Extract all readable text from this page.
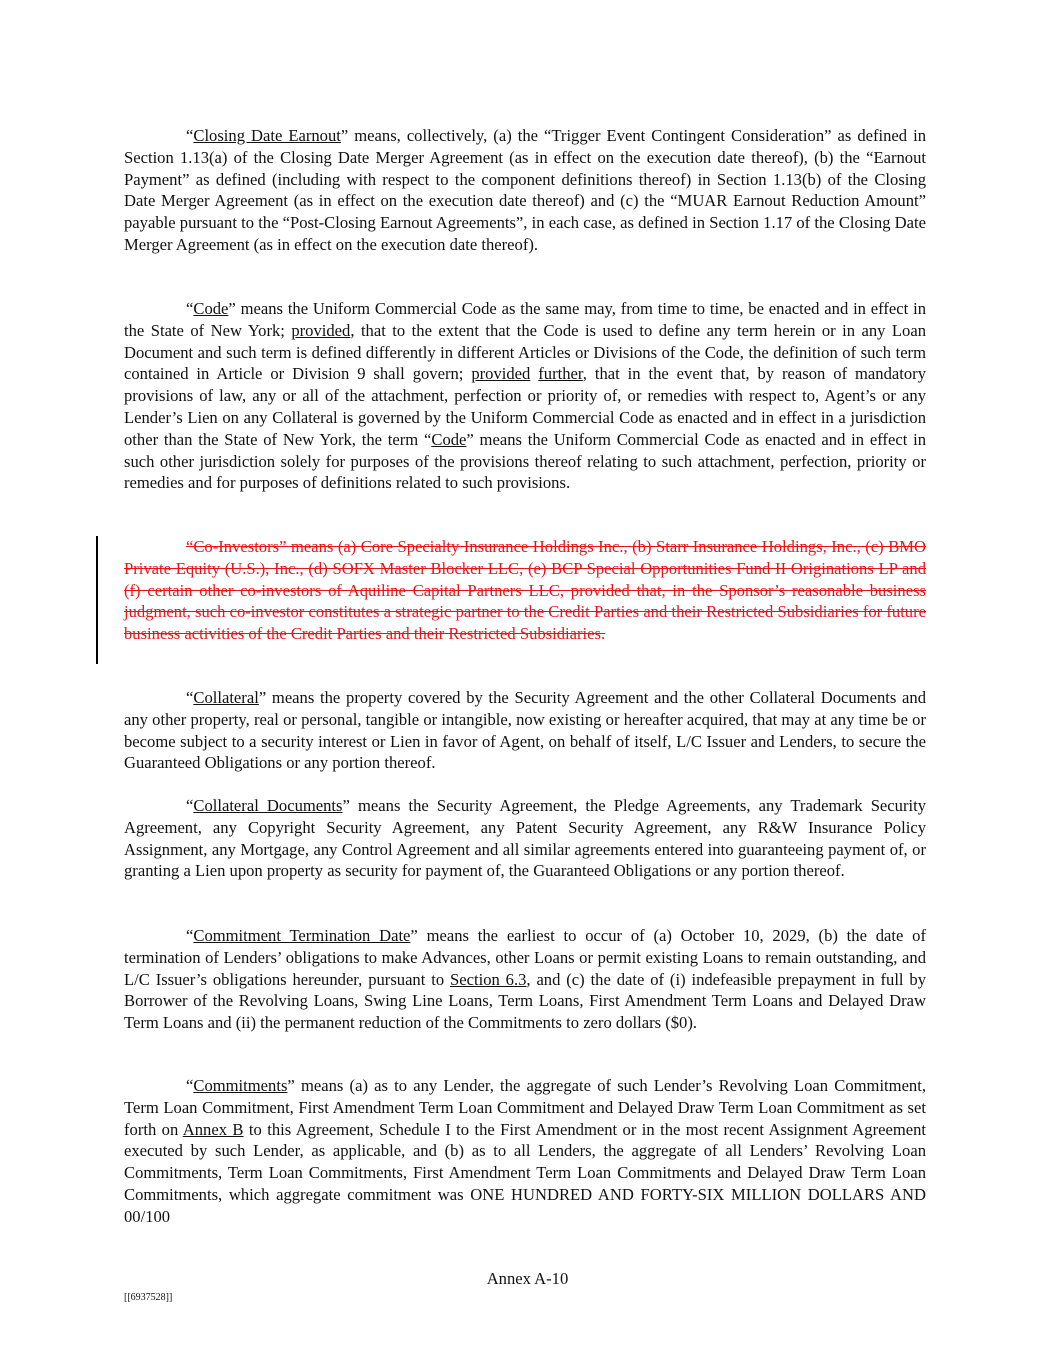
“Closing Date Earnout” means, collectively, (a) the “Trigger Event Contingent Consideration” as defined in Section 1.13(a) of the Closing Date Merger Agreement (as in effect on the execution date thereof), (b) the “Earnout Payment” as defined (including with respect to the component definitions thereof) in Section 1.13(b) of the Closing Date Merger Agreement (as in effect on the execution date thereof) and (c) the “MUAR Earnout Reduction Amount” payable pursuant to the “Post-Closing Earnout Agreements”, in each case, as defined in Section 1.17 of the Closing Date Merger Agreement (as in effect on the execution date thereof).

“Code” means the Uniform Commercial Code as the same may, from time to time, be enacted and in effect in the State of New York; provided, that to the extent that the Code is used to define any term herein or in any Loan Document and such term is defined differently in different Articles or Divisions of the Code, the definition of such term contained in Article or Division 9 shall govern; provided further, that in the event that, by reason of mandatory provisions of law, any or all of the attachment, perfection or priority of, or remedies with respect to, Agent’s or any Lender’s Lien on any Collateral is governed by the Uniform Commercial Code as enacted and in effect in a jurisdiction other than the State of New York, the term “Code” means the Uniform Commercial Code as enacted and in effect in such other jurisdiction solely for purposes of the provisions thereof relating to such attachment, perfection, priority or remedies and for purposes of definitions related to such provisions.

“Co-Investors” means (a) Core Specialty Insurance Holdings Inc., (b) Starr Insurance Holdings, Inc., (c) BMO Private Equity (U.S.), Inc., (d) SOFX Master Blocker LLC, (e) BCP Special Opportunities Fund II Originations LP and (f) certain other co-investors of Aquiline Capital Partners LLC, provided that, in the Sponsor’s reasonable business judgment, such co-investor constitutes a strategic partner to the Credit Parties and their Restricted Subsidiaries for future business activities of the Credit Parties and their Restricted Subsidiaries.

“Collateral” means the property covered by the Security Agreement and the other Collateral Documents and any other property, real or personal, tangible or intangible, now existing or hereafter acquired, that may at any time be or become subject to a security interest or Lien in favor of Agent, on behalf of itself, L/C Issuer and Lenders, to secure the Guaranteed Obligations or any portion thereof.

“Collateral Documents” means the Security Agreement, the Pledge Agreements, any Trademark Security Agreement, any Copyright Security Agreement, any Patent Security Agreement, any R&W Insurance Policy Assignment, any Mortgage, any Control Agreement and all similar agreements entered into guaranteeing payment of, or granting a Lien upon property as security for payment of, the Guaranteed Obligations or any portion thereof.

“Commitment Termination Date” means the earliest to occur of (a) October 10, 2029, (b) the date of termination of Lenders’ obligations to make Advances, other Loans or permit existing Loans to remain outstanding, and L/C Issuer’s obligations hereunder, pursuant to Section 6.3, and (c) the date of (i) indefeasible prepayment in full by Borrower of the Revolving Loans, Swing Line Loans, Term Loans, First Amendment Term Loans and Delayed Draw Term Loans and (ii) the permanent reduction of the Commitments to zero dollars ($0).

“Commitments” means (a) as to any Lender, the aggregate of such Lender’s Revolving Loan Commitment, Term Loan Commitment, First Amendment Term Loan Commitment and Delayed Draw Term Loan Commitment as set forth on Annex B to this Agreement, Schedule I to the First Amendment or in the most recent Assignment Agreement executed by such Lender, as applicable, and (b) as to all Lenders, the aggregate of all Lenders’ Revolving Loan Commitments, Term Loan Commitments, First Amendment Term Loan Commitments and Delayed Draw Term Loan Commitments, which aggregate commitment was ONE HUNDRED AND FORTY-SIX MILLION DOLLARS AND 00/100

Annex A-10
[[6937528]]
